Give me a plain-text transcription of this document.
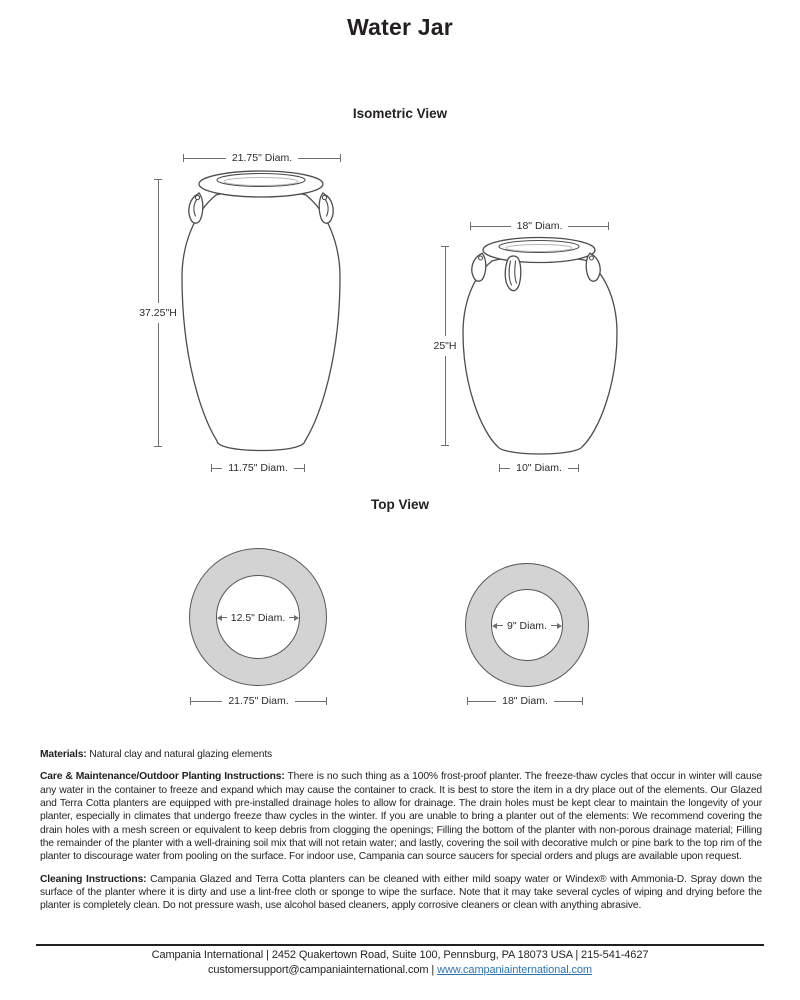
Water Jar
Isometric View
21.75" Diam.
37.25"H
11.75" Diam.
18" Diam.
25"H
10" Diam.
Top View
12.5" Diam.
21.75" Diam.
9" Diam.
18" Diam.

Materials: Natural clay and natural glazing elements

Care & Maintenance/Outdoor Planting Instructions: There is no such thing as a 100% frost-proof planter. The freeze-thaw cycles that occur in winter will cause any water in the container to freeze and expand which may cause the container to crack. It is best to store the item in a dry place out of the elements. Our Glazed and Terra Cotta planters are equipped with pre-installed drainage holes to allow for drainage. The drain holes must be kept clear to maintain the longevity of your planter, especially in climates that undergo freeze thaw cycles in the winter. If you are unable to bring a planter out of the elements: We recommend covering the drain holes with a mesh screen or equivalent to keep debris from clogging the openings; Filling the bottom of the planter with non-porous drainage material; Filling the remainder of the planter with a well-draining soil mix that will not retain water; and lastly, covering the soil with decorative mulch or pine bark to the top rim of the planter to discourage water from pooling on the surface. For indoor use, Campania can source saucers for special orders and plugs are available upon request.

Cleaning Instructions: Campania Glazed and Terra Cotta planters can be cleaned with either mild soapy water or Windex® with Ammonia-D. Spray down the surface of the planter where it is dirty and use a lint-free cloth or sponge to wipe the surface. Note that it may take several cycles of wiping and drying before the planter is completely clean. Do not pressure wash, use alcohol based cleaners, apply corrosive cleaners or clean with anything abrasive.

Campania International | 2452 Quakertown Road, Suite 100, Pennsburg, PA 18073 USA | 215-541-4627
customersupport@campaniainternational.com | www.campaniainternational.com
